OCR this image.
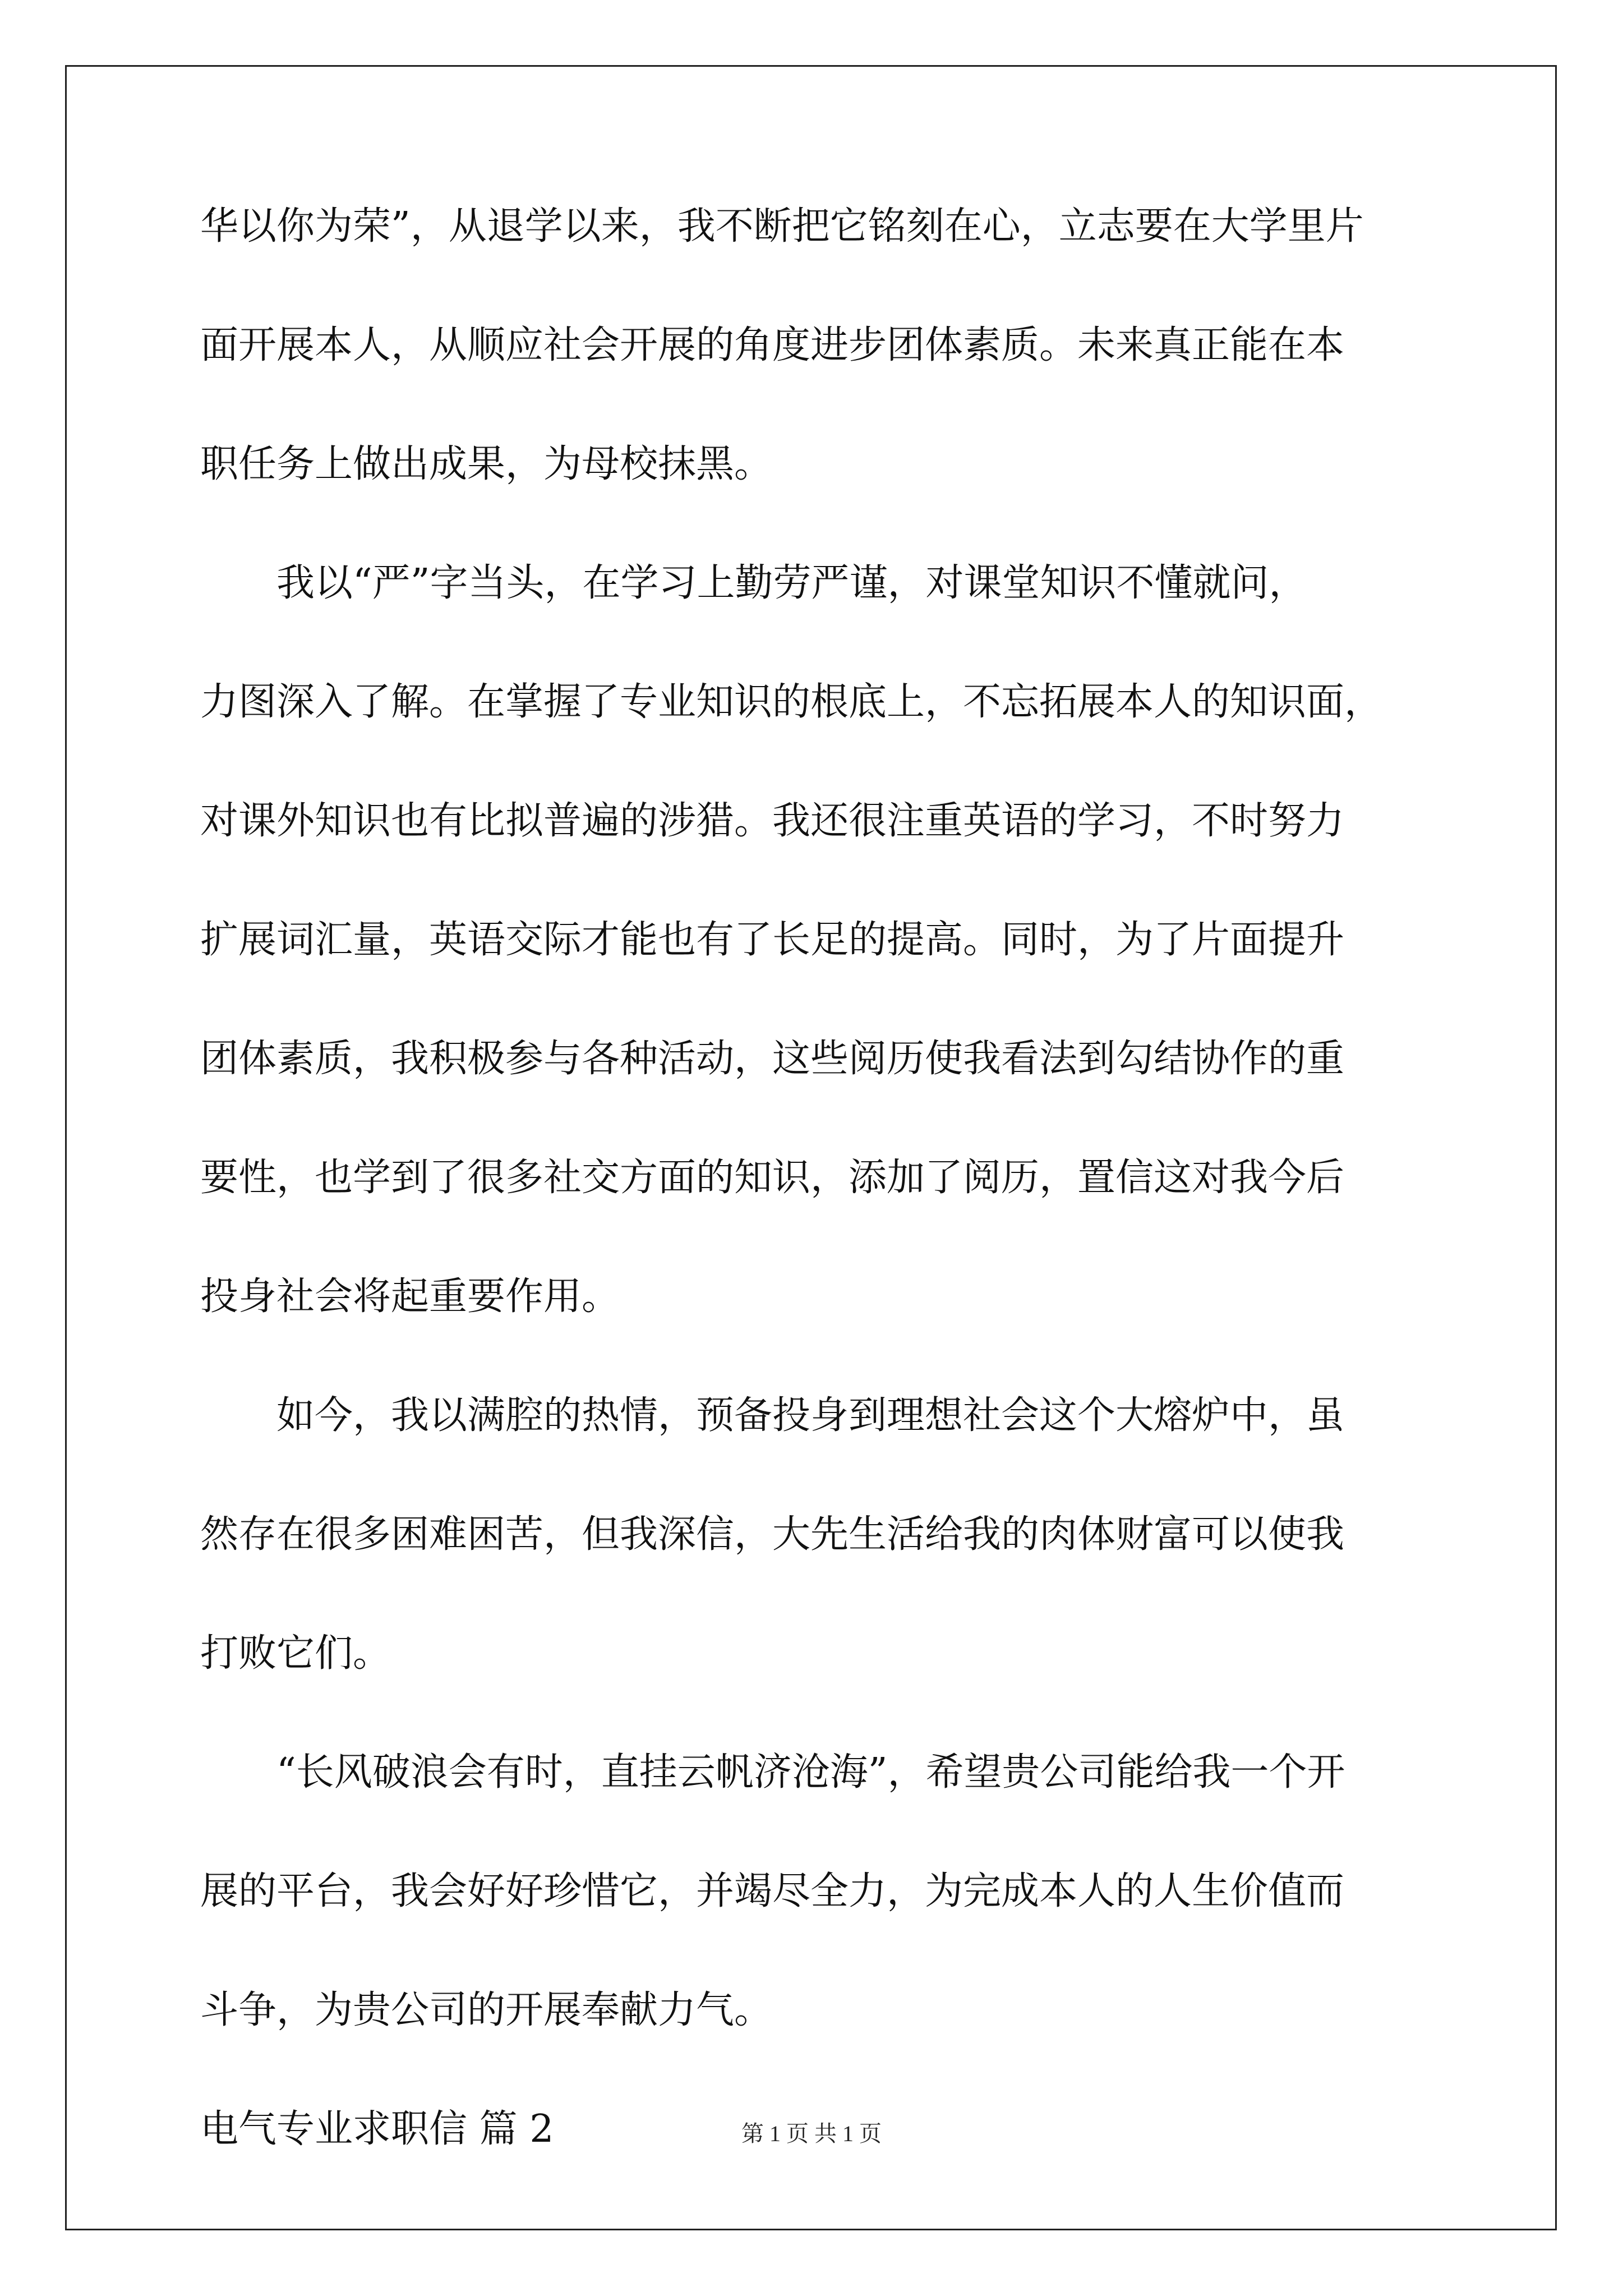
华以你为荣”，从退学以来，我不断把它铭刻在心，立志要在大学里片
面开展本人，从顺应社会开展的角度进步团体素质。未来真正能在本
职任务上做出成果，为母校抹黑。
我以“严”字当头，在学习上勤劳严谨，对课堂知识不懂就问，
力图深入了解。在掌握了专业知识的根底上，不忘拓展本人的知识面，
对课外知识也有比拟普遍的涉猎。我还很注重英语的学习，不时努力
扩展词汇量，英语交际才能也有了长足的提高。同时，为了片面提升
团体素质，我积极参与各种活动，这些阅历使我看法到勾结协作的重
要性，也学到了很多社交方面的知识，添加了阅历，置信这对我今后
投身社会将起重要作用。
如今，我以满腔的热情，预备投身到理想社会这个大熔炉中，虽
然存在很多困难困苦，但我深信，大先生活给我的肉体财富可以使我
打败它们。
“长风破浪会有时，直挂云帆济沧海”，希望贵公司能给我一个开
展的平台，我会好好珍惜它，并竭尽全力，为完成本人的人生价值而
斗争，为贵公司的开展奉献力气。
电气专业求职信 篇 2	第 1 页 共 1 页
